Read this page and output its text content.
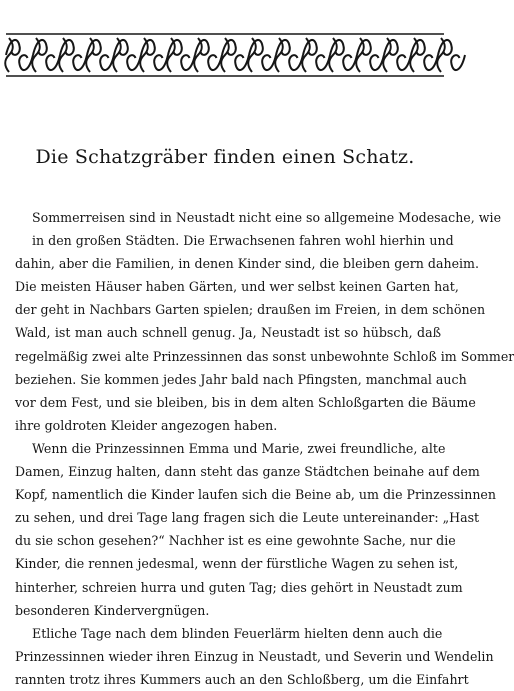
Die Schatzgräber finden einen Schatz.
Sommerreisen sind in Neustadt nicht eine so allgemeine Modesache, wie
in den großen Städten. Die Erwachsenen fahren wohl hierhin und
dahin, aber die Familien, in denen Kinder sind, die bleiben gern daheim.
Die meisten Häuser haben Gärten, und wer selbst keinen Garten hat,
der geht in Nachbars Garten spielen; draußen im Freien, in dem schönen
Wald, ist man auch schnell genug. Ja, Neustadt ist so hübsch, daß
regelmäßig zwei alte Prinzessinnen das sonst unbewohnte Schloß im Sommer
beziehen. Sie kommen jedes Jahr bald nach Pfingsten, manchmal auch
vor dem Fest, und sie bleiben, bis in dem alten Schloßgarten die Bäume
ihre goldroten Kleider angezogen haben.
Wenn die Prinzessinnen Emma und Marie, zwei freundliche, alte
Damen, Einzug halten, dann steht das ganze Städtchen beinahe auf dem
Kopf, namentlich die Kinder laufen sich die Beine ab, um die Prinzessinnen
zu sehen, und drei Tage lang fragen sich die Leute untereinander: „Hast
du sie schon gesehen?“ Nachher ist es eine gewohnte Sache, nur die
Kinder, die rennen jedesmal, wenn der fürstliche Wagen zu sehen ist,
hinterher, schreien hurra und guten Tag; dies gehört in Neustadt zum
besonderen Kindervergnügen.
Etliche Tage nach dem blinden Feuerlärm hielten denn auch die
Prinzessinnen wieder ihren Einzug in Neustadt, und Severin und Wendelin
rannten trotz ihres Kummers auch an den Schloßberg, um die Einfahrt
